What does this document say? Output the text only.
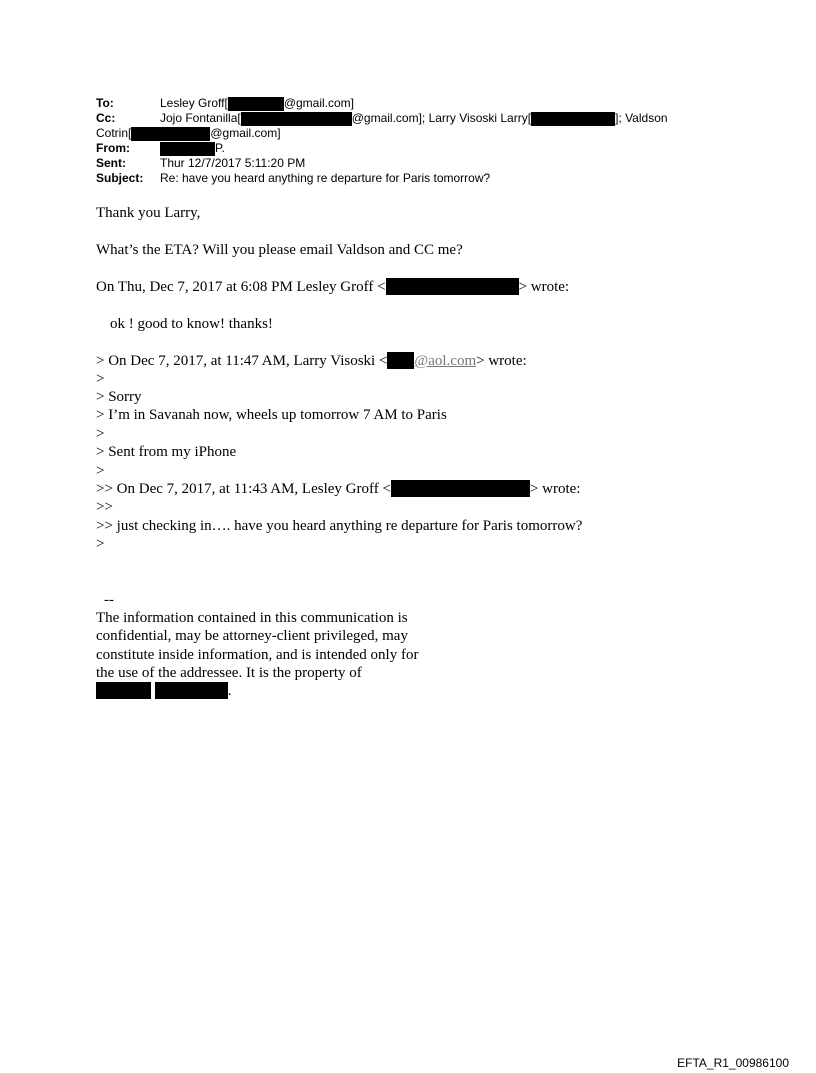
To:	Lesley Groff[	@gmail.com]
Cc:	Jojo Fontanilla[	@gmail.com]; Larry Visoski Larry[	]; Valdson
Cotrin[	@gmail.com]
From:	P.
Sent:	Thur 12/7/2017 5:11:20 PM
Subject: Re: have you heard anything re departure for Paris tomorrow?
Thank you Larry,
What’s the ETA? Will you please email Valdson and CC me?
On Thu, Dec 7, 2017 at 6:08 PM Lesley Groff <	> wrote:
ok ! good to know! thanks!
> On Dec 7, 2017, at 11:47 AM, Larry Visoski < @aol.com> wrote:
>
> Sorry
> I’m in Savanah now, wheels up tomorrow 7 AM to Paris
>
> Sent from my iPhone
>
>> On Dec 7, 2017, at 11:43 AM, Lesley Groff <	> wrote:
>>
>> just checking in…. have you heard anything re departure for Paris tomorrow?
>
--
The information contained in this communication is
confidential, may be attorney-client privileged, may
constitute inside information, and is intended only for
the use of the addressee. It is the property of
.
EFTA_R1_00986100
